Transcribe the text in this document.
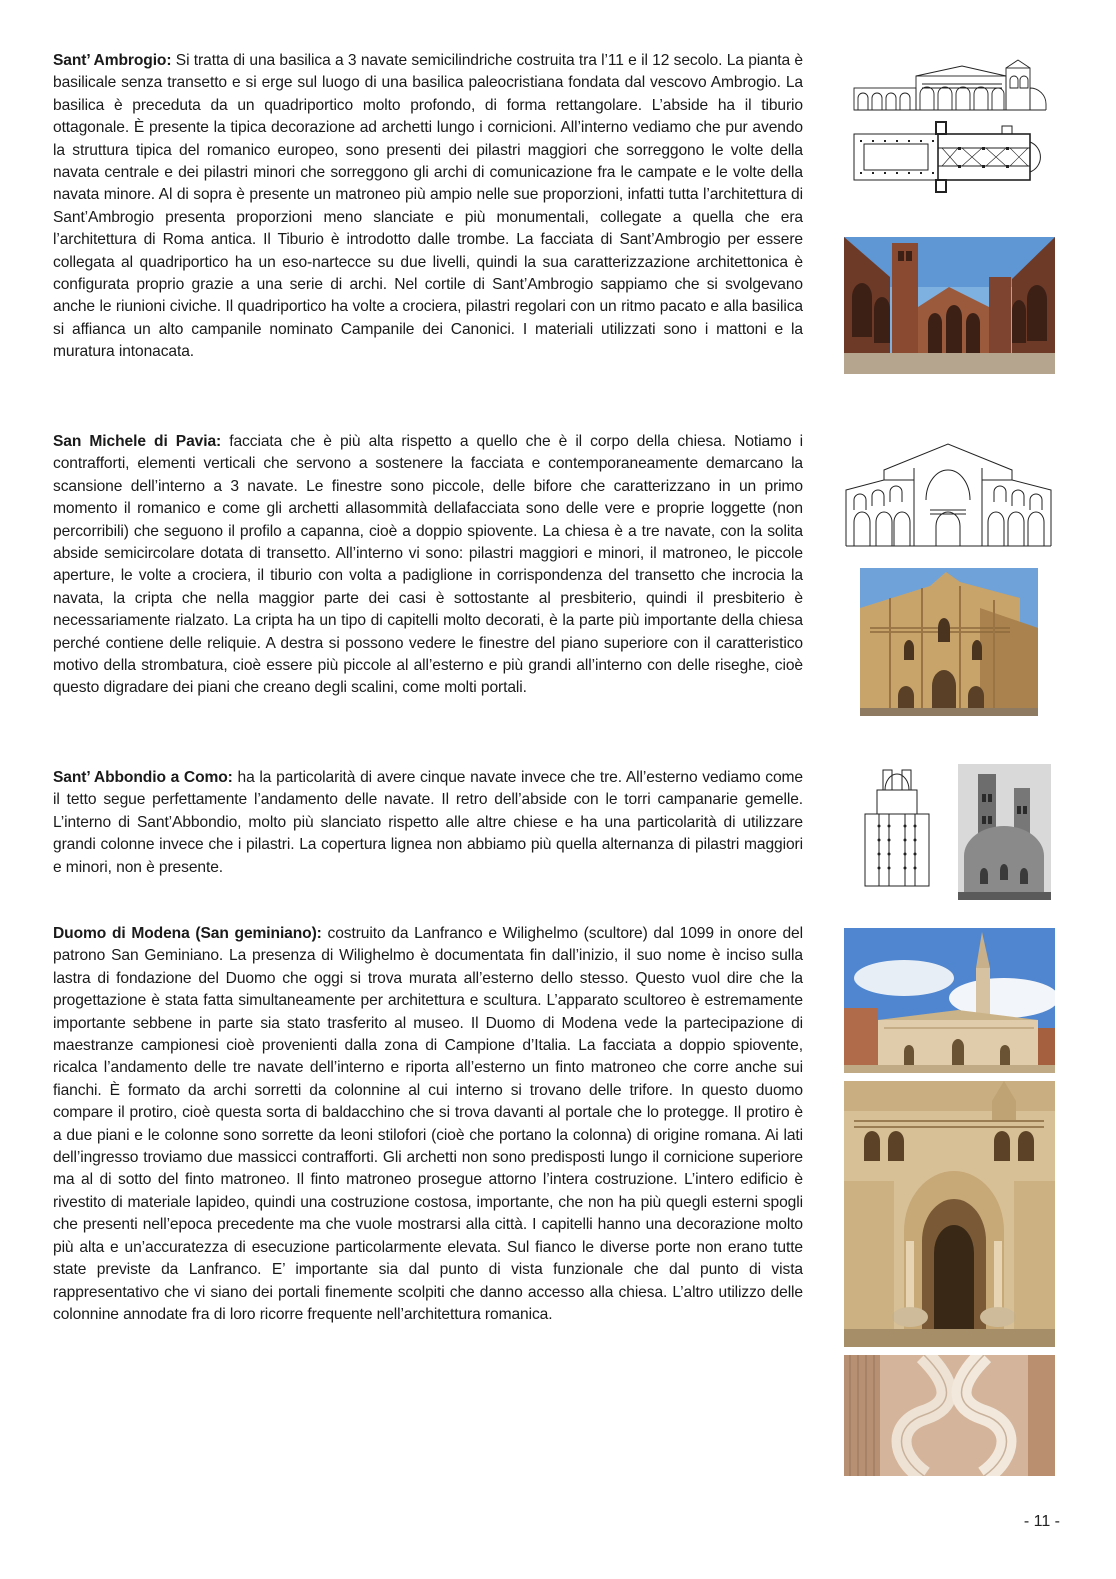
Sant’ Ambrogio: Si tratta di una basilica a 3 navate semicilindriche costruita tra l’11 e il 12 secolo. La pianta è basilicale senza transetto e si erge sul luogo di una basilica paleocristiana fondata dal vescovo Ambrogio. La basilica è preceduta da un quadriportico molto profondo, di forma rettangolare. L’abside ha il tiburio ottagonale. È presente la tipica decorazione ad archetti lungo i cornicioni. All’interno vediamo che pur avendo la struttura tipica del romanico europeo, sono presenti dei pilastri maggiori che sorreggono le volte della navata centrale e dei pilastri minori che sorreggono gli archi di comunicazione fra le campate e le volte della navata minore. Al di sopra è presente un matroneo più ampio nelle sue proporzioni, infatti tutta l’architettura di Sant’Ambrogio presenta proporzioni meno slanciate e più monumentali, collegate a quella che era l’architettura di Roma antica. Il Tiburio è introdotto dalle trombe. La facciata di Sant’Ambrogio per essere collegata al quadriportico ha un eso-nartecce su due livelli, quindi la sua caratterizzazione architettonica è configurata proprio grazie a una serie di archi. Nel cortile di Sant’Ambrogio sappiamo che si svolgevano anche le riunioni civiche. Il quadriportico ha volte a crociera, pilastri regolari con un ritmo pacato e alla basilica si affianca un alto campanile nominato Campanile dei Canonici. I materiali utilizzati sono i mattoni e la muratura intonacata.

San Michele di Pavia: facciata che è più alta rispetto a quello che è il corpo della chiesa. Notiamo i contrafforti, elementi verticali che servono a sostenere la facciata e contemporaneamente demarcano la scansione dell’interno a 3 navate. Le finestre sono piccole, delle bifore che caratterizzano in un primo momento il romanico e come gli archetti allasommità dellafacciata sono delle vere e proprie loggette (non percorribili) che seguono il profilo a capanna, cioè a doppio spiovente. La chiesa è a tre navate, con la solita abside semicircolare dotata di transetto. All’interno vi sono: pilastri maggiori e minori, il matroneo, le piccole aperture, le volte a crociera, il tiburio con volta a padiglione in corrispondenza del transetto che incrocia la navata, la cripta che nella maggior parte dei casi è sottostante al presbiterio, quindi il presbiterio è necessariamente rialzato. La cripta ha un tipo di capitelli molto decorati, è la parte più importante della chiesa perché contiene delle reliquie. A destra si possono vedere le finestre del piano superiore con il caratteristico motivo della strombatura, cioè essere più piccole al all’esterno e più grandi all’interno con delle riseghe, cioè questo digradare dei piani che creano degli scalini, come molti portali.

Sant’ Abbondio a Como: ha la particolarità di avere cinque navate invece che tre. All’esterno vediamo come il tetto segue perfettamente l’andamento delle navate. Il retro dell’abside con le torri campanarie gemelle. L’interno di Sant’Abbondio, molto più slanciato rispetto alle altre chiese e ha una particolarità di utilizzare grandi colonne invece che i pilastri. La copertura lignea non abbiamo più quella alternanza di pilastri maggiori e minori, non è presente.

Duomo di Modena (San geminiano): costruito da Lanfranco e Wilighelmo (scultore) dal 1099 in onore del patrono San Geminiano. La presenza di Wilighelmo è documentata fin dall’inizio, il suo nome è inciso sulla lastra di fondazione del Duomo che oggi si trova murata all’esterno dello stesso. Questo vuol dire che la progettazione è stata fatta simultaneamente per architettura e scultura. L’apparato scultoreo è estremamente importante sebbene in parte sia stato trasferito al museo. Il Duomo di Modena vede la partecipazione di maestranze campionesi cioè provenienti dalla zona di Campione d’Italia. La facciata a doppio spiovente, ricalca l’andamento delle tre navate dell’interno e riporta all’esterno un finto matroneo che corre anche sui fianchi. È formato da archi sorretti da colonnine al cui interno si trovano delle trifore. In questo duomo compare il protiro, cioè questa sorta di baldacchino che si trova davanti al portale che lo protegge. Il protiro è a due piani e le colonne sono sorrette da leoni stilofori (cioè che portano la colonna) di origine romana. Ai lati dell’ingresso troviamo due massicci contrafforti. Gli archetti non sono predisposti lungo il cornicione superiore ma al di sotto del finto matroneo. Il finto matroneo prosegue attorno l’intera costruzione. L’intero edificio è rivestito di materiale lapideo, quindi una costruzione costosa, importante, che non ha più quegli esterni spogli che presenti nell’epoca precedente ma che vuole mostrarsi alla città. I capitelli hanno una decorazione molto più alta e un’accuratezza di esecuzione particolarmente elevata. Sul fianco le diverse porte non erano tutte state previste da Lanfranco. E’ importante sia dal punto di vista funzionale che dal punto di vista rappresentativo che vi siano dei portali finemente scolpiti che danno accesso alla chiesa. L’altro utilizzo delle colonnine annodate fra di loro ricorre frequente nell’architettura romanica.

- 11 -
